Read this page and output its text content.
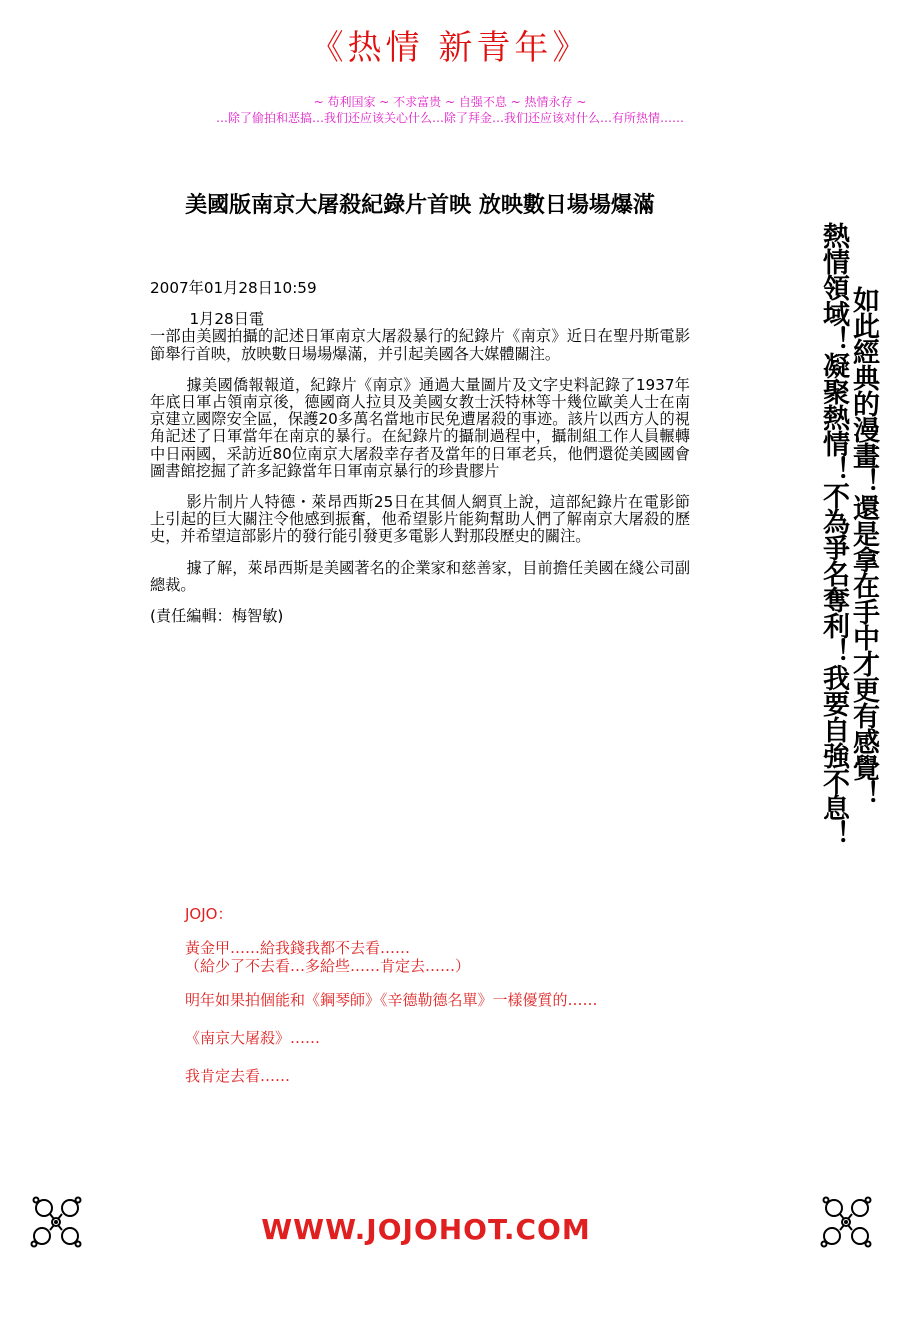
《热情 新青年》
~ 苟利国家 ~ 不求富贵 ~ 自强不息 ~ 热情永存 ~
…除了偷拍和恶搞…我们还应该关心什么…除了拜金…我们还应该对什么…有所热情……
美國版南京大屠殺紀錄片首映 放映數日場場爆滿

2007年01月28日10:59

1月28日電

一部由美國拍攝的記述日軍南京大屠殺暴行的紀錄片《南京》近日在聖丹斯電影節舉行首映，放映數日場場爆滿，并引起美國各大媒體關注。

據美國僑報報道，紀錄片《南京》通過大量圖片及文字史料記錄了1937年年底日軍占領南京後，德國商人拉貝及美國女教士沃特林等十幾位歐美人士在南京建立國際安全區，保護20多萬名當地市民免遭屠殺的事迹。該片以西方人的視角記述了日軍當年在南京的暴行。在紀錄片的攝制過程中，攝制組工作人員輾轉中日兩國，采訪近80位南京大屠殺幸存者及當年的日軍老兵，他們還從美國國會圖書館挖掘了許多記錄當年日軍南京暴行的珍貴膠片

影片制片人特德・萊昂西斯25日在其個人網頁上說，這部紀錄片在電影節上引起的巨大關注令他感到振奮，他希望影片能夠幫助人們了解南京大屠殺的歷史，并希望這部影片的發行能引發更多電影人對那段歷史的關注。

據了解，萊昂西斯是美國著名的企業家和慈善家，目前擔任美國在綫公司副總裁。

(責任編輯：梅智敏)	熱情領域！凝聚熱情！不為爭名奪利！我要自強不息！ 如此經典的漫畫！還是拿在手中才更有感覺！

JOJO：

黃金甲……給我錢我都不去看……

（給少了不去看…多給些……肯定去……）

明年如果拍個能和《鋼琴師》《辛德勒德名單》一樣優質的……

《南京大屠殺》……

我肯定去看……

WWW.JOJOHOT.COM
